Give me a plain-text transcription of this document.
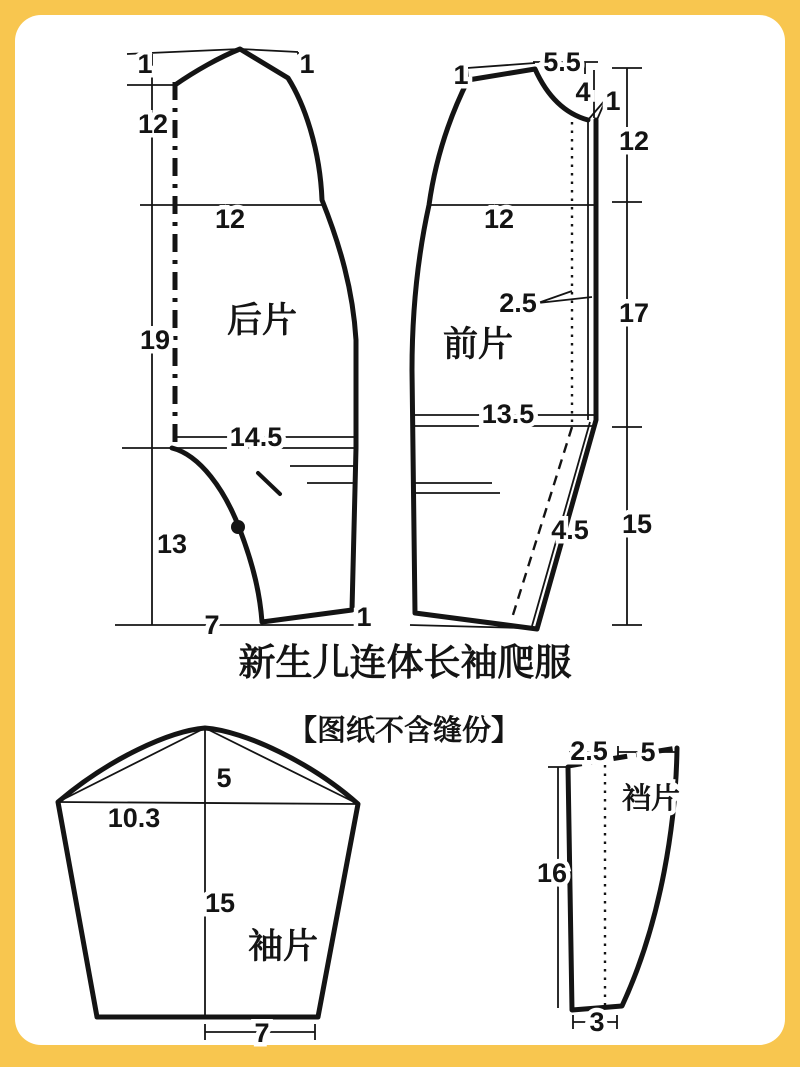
1	1
12
12
19 后片
14.5
13
7	1
1	5.5
4 1
12
12
2.5
前片
17
13.5
4.5 15
新生儿连体长袖爬服
【图纸不含缝份】
5
10.3
15
袖片
7
2.5 5
裆片
16
3
